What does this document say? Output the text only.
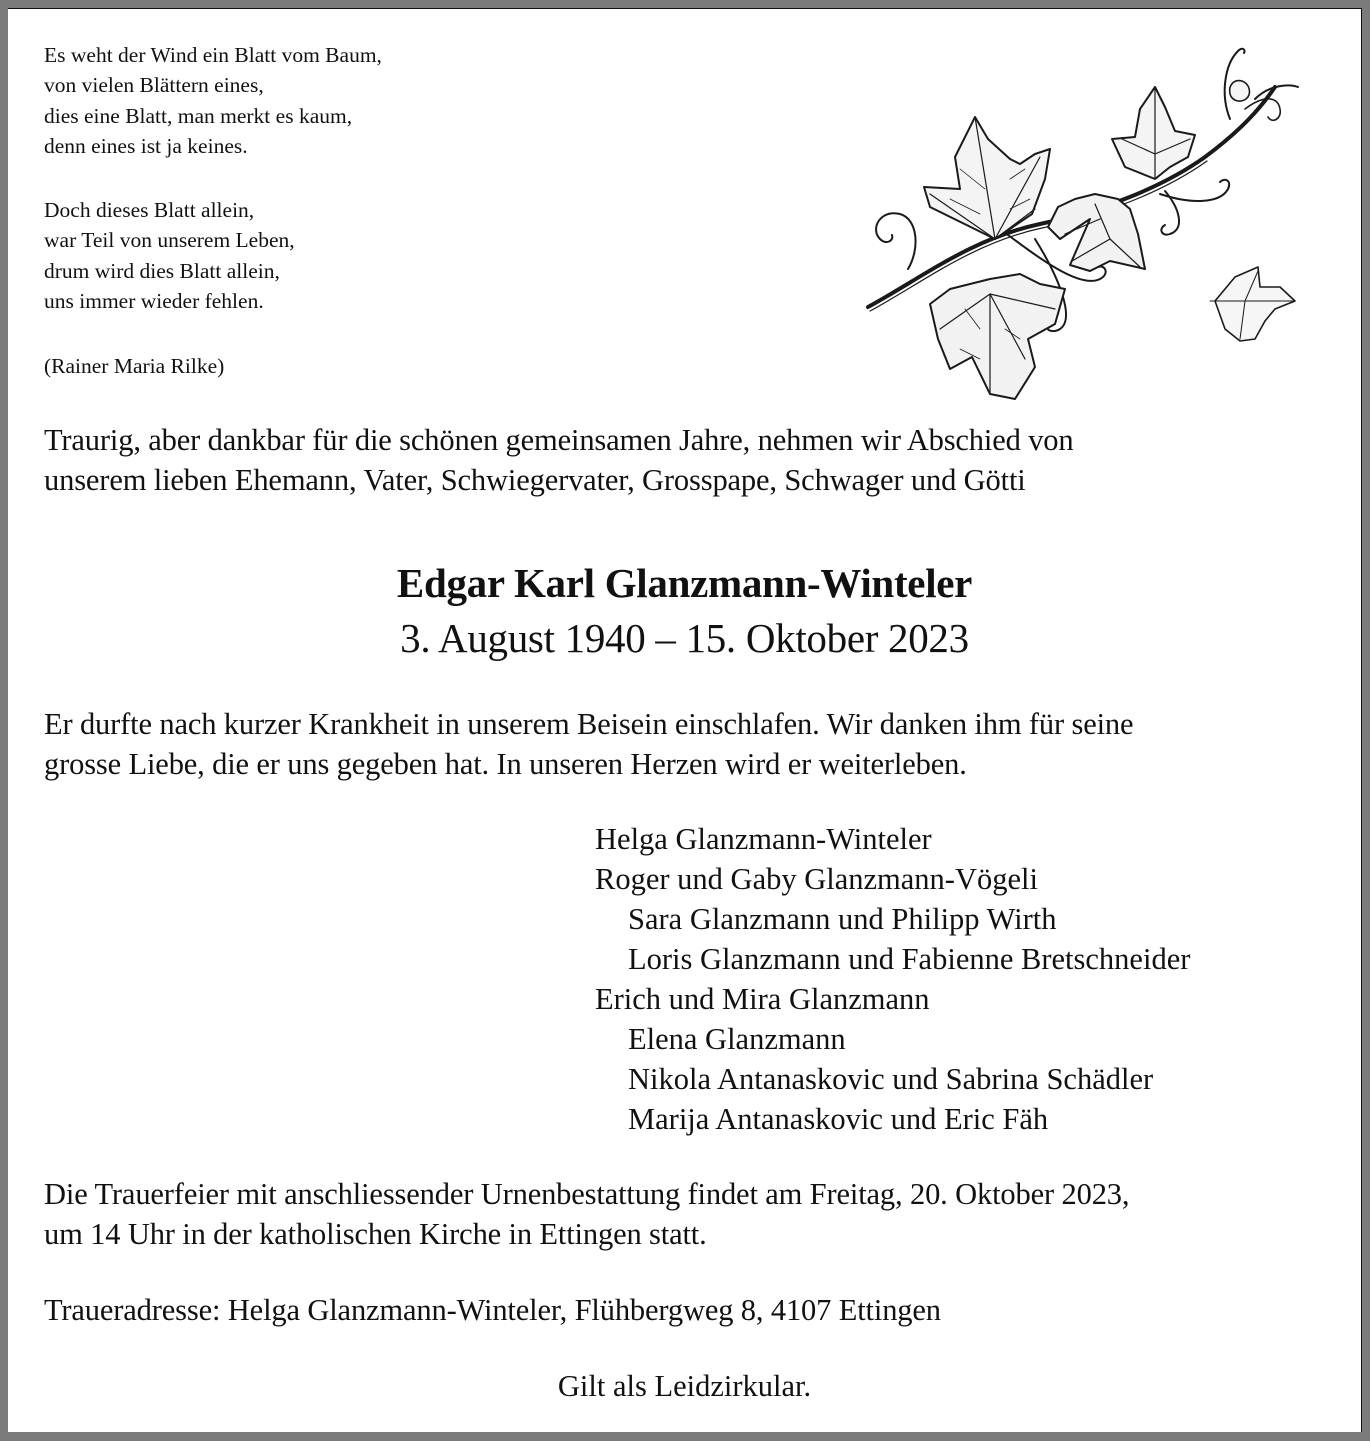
Es weht der Wind ein Blatt vom Baum,
von vielen Blättern eines,
dies eine Blatt, man merkt es kaum,
denn eines ist ja keines.
Doch dieses Blatt allein,
war Teil von unserem Leben,
drum wird dies Blatt allein,
uns immer wieder fehlen.
(Rainer Maria Rilke)
Traurig, aber dankbar für die schönen gemeinsamen Jahre, nehmen wir Abschied von
unserem lieben Ehemann, Vater, Schwiegervater, Grosspape, Schwager und Götti
Edgar Karl Glanzmann-Winteler
3. August 1940 – 15. Oktober 2023
Er durfte nach kurzer Krankheit in unserem Beisein einschlafen. Wir danken ihm für seine
grosse Liebe, die er uns gegeben hat. In unseren Herzen wird er weiterleben.
Helga Glanzmann-Winteler
Roger und Gaby Glanzmann-Vögeli
Sara Glanzmann und Philipp Wirth
Loris Glanzmann und Fabienne Bretschneider
Erich und Mira Glanzmann
Elena Glanzmann
Nikola Antanaskovic und Sabrina Schädler
Marija Antanaskovic und Eric Fäh
Die Trauerfeier mit anschliessender Urnenbestattung findet am Freitag, 20. Oktober 2023,
um 14 Uhr in der katholischen Kirche in Ettingen statt.
Traueradresse: Helga Glanzmann-Winteler, Flühbergweg 8, 4107 Ettingen
Gilt als Leidzirkular.
